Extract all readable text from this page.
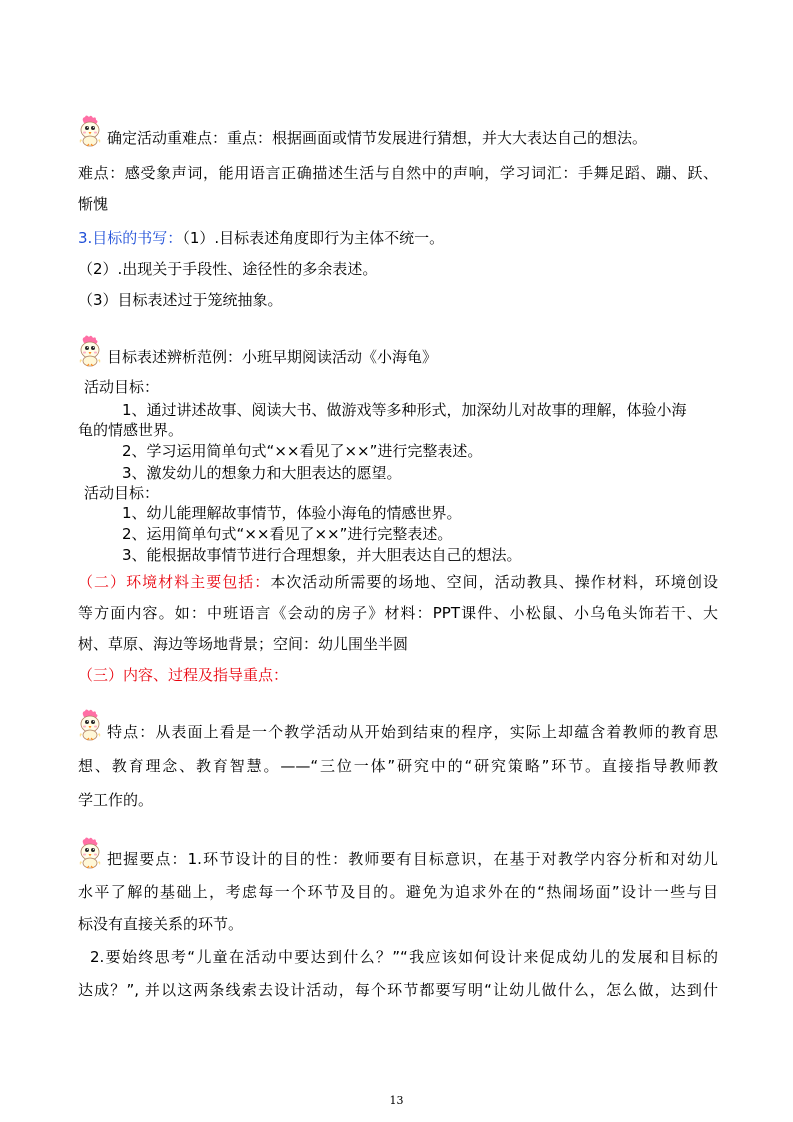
确定活动重难点：重点：根据画面或情节发展进行猜想，并大大表达自己的想法。
难点：感受象声词，能用语言正确描述生活与自然中的声响，学习词汇：手舞足蹈、蹦、跃、
惭愧
3.目标的书写：（1）.目标表述角度即行为主体不统一。
（2）.出现关于手段性、途径性的多余表述。
（3）目标表述过于笼统抽象。
目标表述辨析范例：小班早期阅读活动《小海龟》
活动目标：
1、通过讲述故事、阅读大书、做游戏等多种形式，加深幼儿对故事的理解，体验小海
龟的情感世界。
2、学习运用简单句式“××看见了××”进行完整表述。
3、激发幼儿的想象力和大胆表达的愿望。
活动目标：
1、幼儿能理解故事情节，体验小海龟的情感世界。
2、运用简单句式“××看见了××”进行完整表述。
3、能根据故事情节进行合理想象，并大胆表达自己的想法。
（二）环境材料主要包括：本次活动所需要的场地、空间，活动教具、操作材料，环境创设
等方面内容。如：中班语言《会动的房子》材料：PPT课件、小松鼠、小乌龟头饰若干、大
树、草原、海边等场地背景；空间：幼儿围坐半圆
（三）内容、过程及指导重点：
特点：从表面上看是一个教学活动从开始到结束的程序，实际上却蕴含着教师的教育思
想、教育理念、教育智慧。——“三位一体”研究中的“研究策略”环节。直接指导教师教
学工作的。
把握要点：1.环节设计的目的性：教师要有目标意识，在基于对教学内容分析和对幼儿
水平了解的基础上，考虑每一个环节及目的。避免为追求外在的“热闹场面”设计一些与目
标没有直接关系的环节。
2.要始终思考“儿童在活动中要达到什么？”“我应该如何设计来促成幼儿的发展和目标的
达成？”, 并以这两条线索去设计活动，每个环节都要写明“让幼儿做什么，怎么做，达到什
13
